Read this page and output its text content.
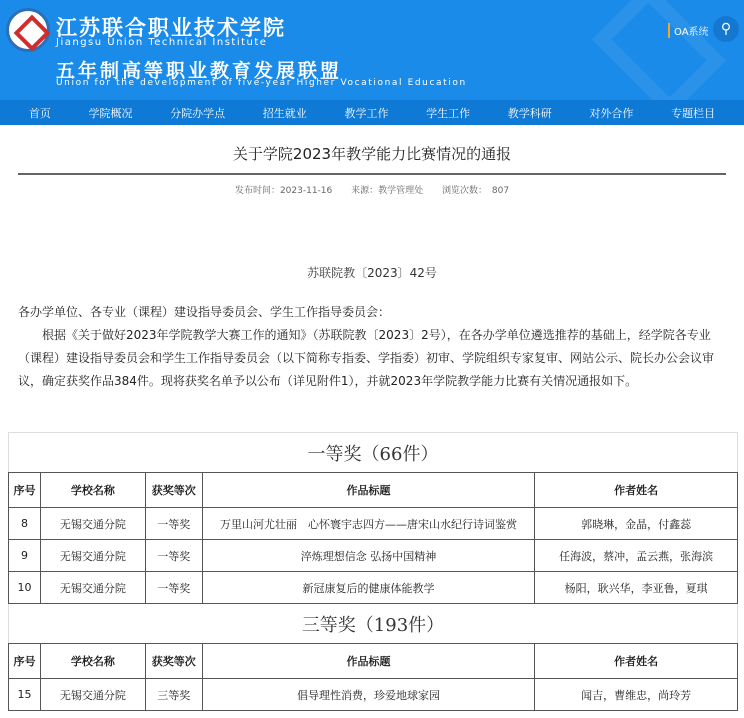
江苏联合职业技术学院
Jiangsu Union Technical Institute
五年制高等职业教育发展联盟
Union for the development of five-year Higher Vocational Education
OA系统 ⚲
首页	学院概况	分院办学点	招生就业	教学工作	学生工作	教学科研	对外合作	专题栏目
关于学院2023年教学能力比赛情况的通报
发布时间：2023-11-16 来源：教学管理处 浏览次数： 807
苏联院教〔2023〕42号

各办学单位、各专业（课程）建设指导委员会、学生工作指导委员会：

根据《关于做好2023年学院教学大赛工作的通知》（苏联院教〔2023〕2号），在各办学单位遴选推荐的基础上，经学院各专业（课程）建设指导委员会和学生工作指导委员会（以下简称专指委、学指委）初审、学院组织专家复审、网站公示、院长办公会议审议，确定获奖作品384件。现将获奖名单予以公布（详见附件1），并就2023年学院教学能力比赛有关情况通报如下。

一等奖（66件）				
序号	学校名称	获奖等次	作品标题	作者姓名
8	无锡交通分院	一等奖	万里山河尤壮丽　心怀寰宇志四方——唐宋山水纪行诗词鉴赏	郭晓琳，金晶，付鑫蕊
9	无锡交通分院	一等奖	淬炼理想信念 弘扬中国精神	任海波，蔡冲，孟云燕，张海滨
10	无锡交通分院	一等奖	新冠康复后的健康体能教学	杨阳，耿兴华，李亚鲁，夏琪
三等奖（193件）				
序号	学校名称	获奖等次	作品标题	作者姓名
15	无锡交通分院	三等奖	倡导理性消费，珍爱地球家园	闻吉，曹维忠，尚玲芳
